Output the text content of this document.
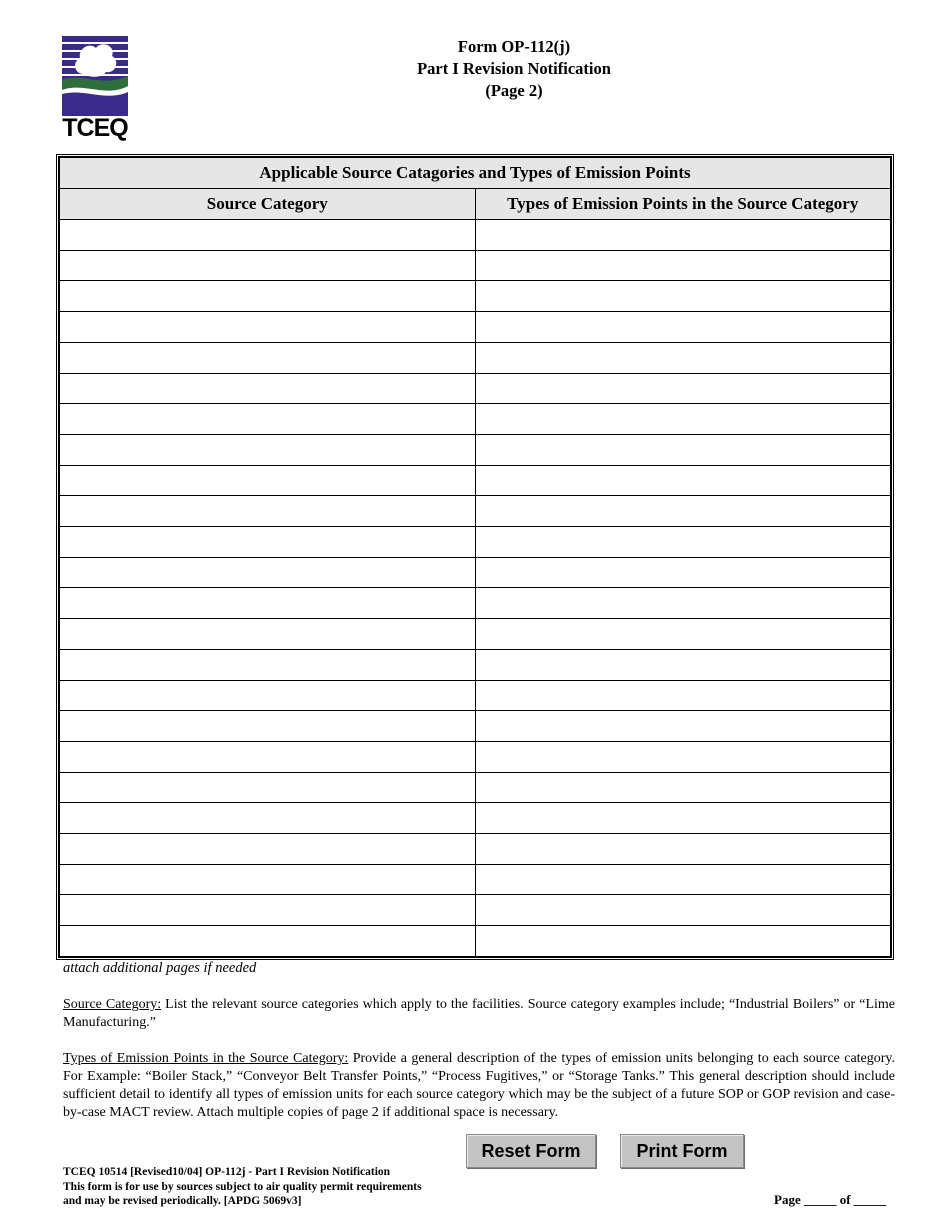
TCEQ
Form OP-112(j)
Part I Revision Notification
(Page 2)
Applicable Source Catagories and Types of Emission Points	
Source Category	Types of Emission Points in the Source Category

attach additional pages if needed
Source Category: List the relevant source categories which apply to the facilities. Source category examples include; “Industrial Boilers” or “Lime Manufacturing.”
Types of Emission Points in the Source Category: Provide a general description of the types of emission units belonging to each source category. For Example: “Boiler Stack,” “Conveyor Belt Transfer Points,” “Process Fugitives,” or “Storage Tanks.” This general description should include sufficient detail to identify all types of emission units for each source category which may be the subject of a future SOP or GOP revision and case-by-case MACT review. Attach multiple copies of page 2 if additional space is necessary.
Reset Form	Print Form
TCEQ 10514 [Revised10/04] OP-112j - Part I Revision Notification
This form is for use by sources subject to air quality permit requirements
and may be revised periodically. [APDG 5069v3]	Page _____ of _____
